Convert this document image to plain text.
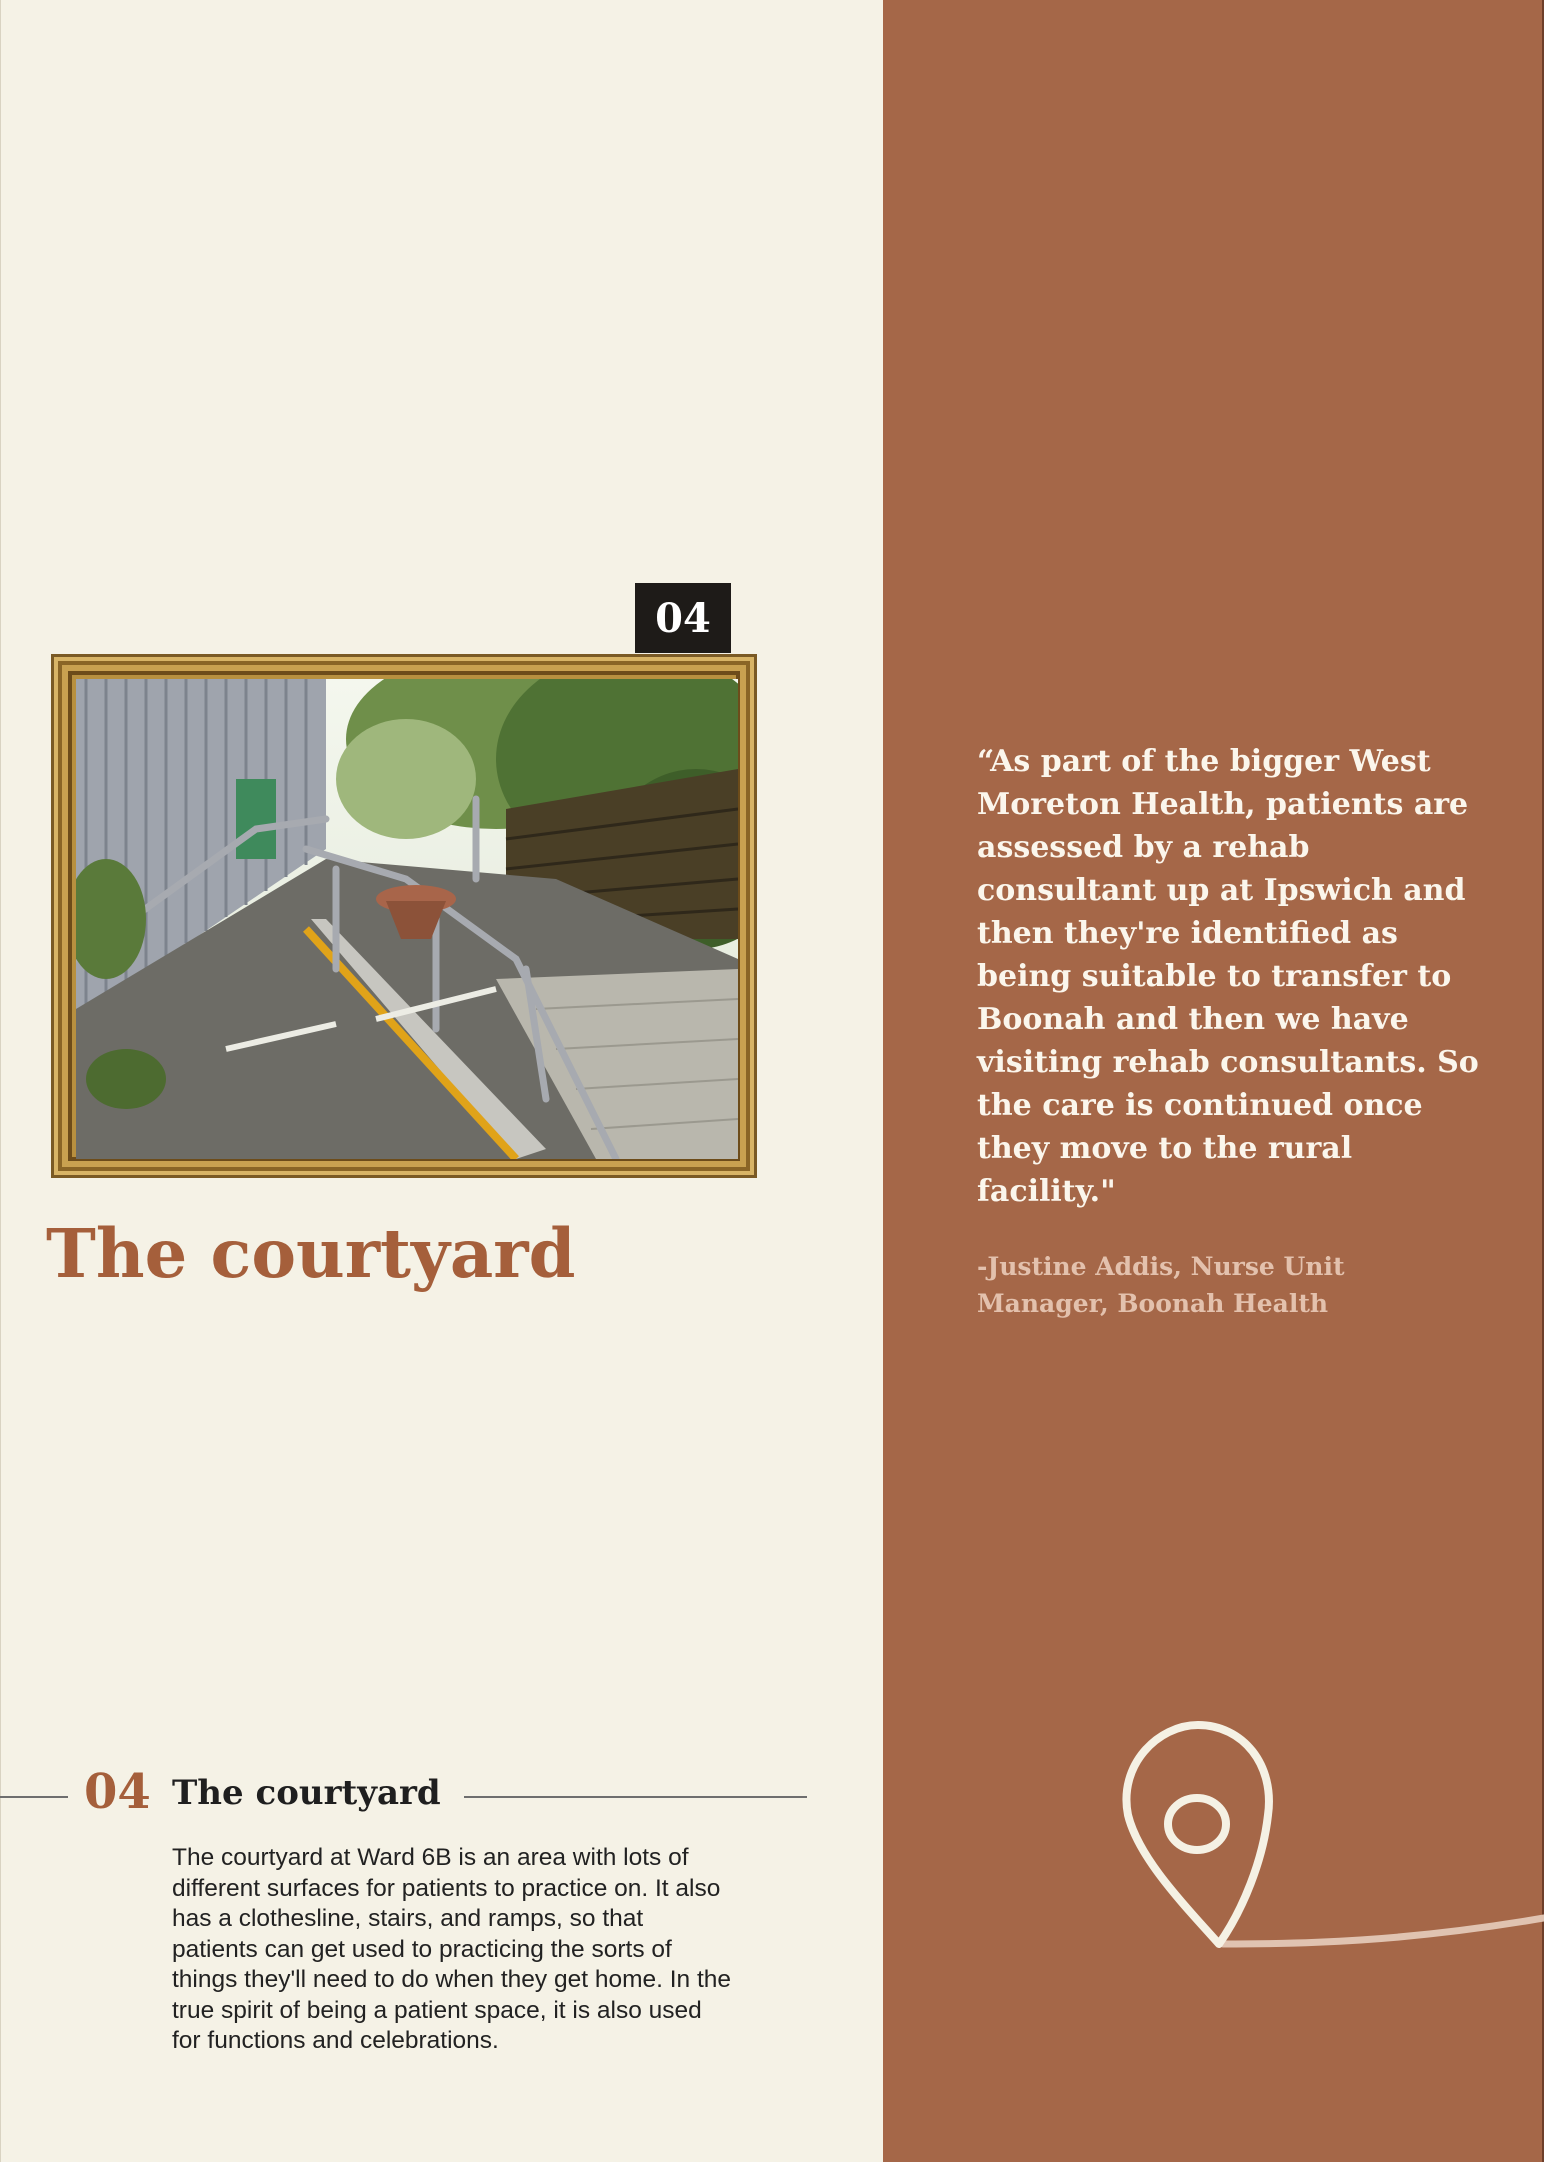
04
The courtyard
04 The courtyard

The courtyard at Ward 6B is an area with lots of different surfaces for patients to practice on. It also has a clothesline, stairs, and ramps, so that patients can get used to practicing the sorts of things they'll need to do when they get home. In the true spirit of being a patient space, it is also used for functions and celebrations.

“As part of the bigger West Moreton Health, patients are assessed by a rehab consultant up at Ipswich and then they're identified as being suitable to transfer to Boonah and then we have visiting rehab consultants. So the care is continued once they move to the rural facility."

-Justine Addis, Nurse Unit Manager, Boonah Health
